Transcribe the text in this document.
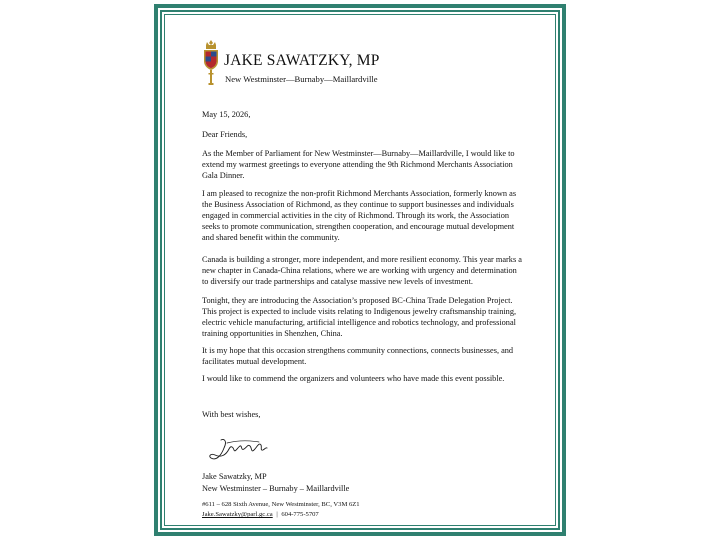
JAKE SAWATZKY, MP
New Westminster—Burnaby—Maillardville

May 15, 2026,

Dear Friends,

As the Member of Parliament for New Westminster—Burnaby—Maillardville, I would like to extend my warmest greetings to everyone attending the 9th Richmond Merchants Association Gala Dinner.

I am pleased to recognize the non-profit Richmond Merchants Association, formerly known as the Business Association of Richmond, as they continue to support businesses and individuals engaged in commercial activities in the city of Richmond. Through its work, the Association seeks to promote communication, strengthen cooperation, and encourage mutual development and shared benefit within the community.

Canada is building a stronger, more independent, and more resilient economy. This year marks a new chapter in Canada-China relations, where we are working with urgency and determination to diversify our trade partnerships and catalyse massive new levels of investment.

Tonight, they are introducing the Association’s proposed BC-China Trade Delegation Project. This project is expected to include visits relating to Indigenous jewelry craftsmanship training, electric vehicle manufacturing, artificial intelligence and robotics technology, and professional training opportunities in Shenzhen, China.

It is my hope that this occasion strengthens community connections, connects businesses, and facilitates mutual development.

I would like to commend the organizers and volunteers who have made this event possible.

With best wishes,

Jake Sawatzky, MP

New Westminster – Burnaby – Maillardville

#611 – 628 Sixth Avenue, New Westminster, BC, V3M 6Z1
Jake.Sawatzky@parl.gc.ca | 604-775-5707
